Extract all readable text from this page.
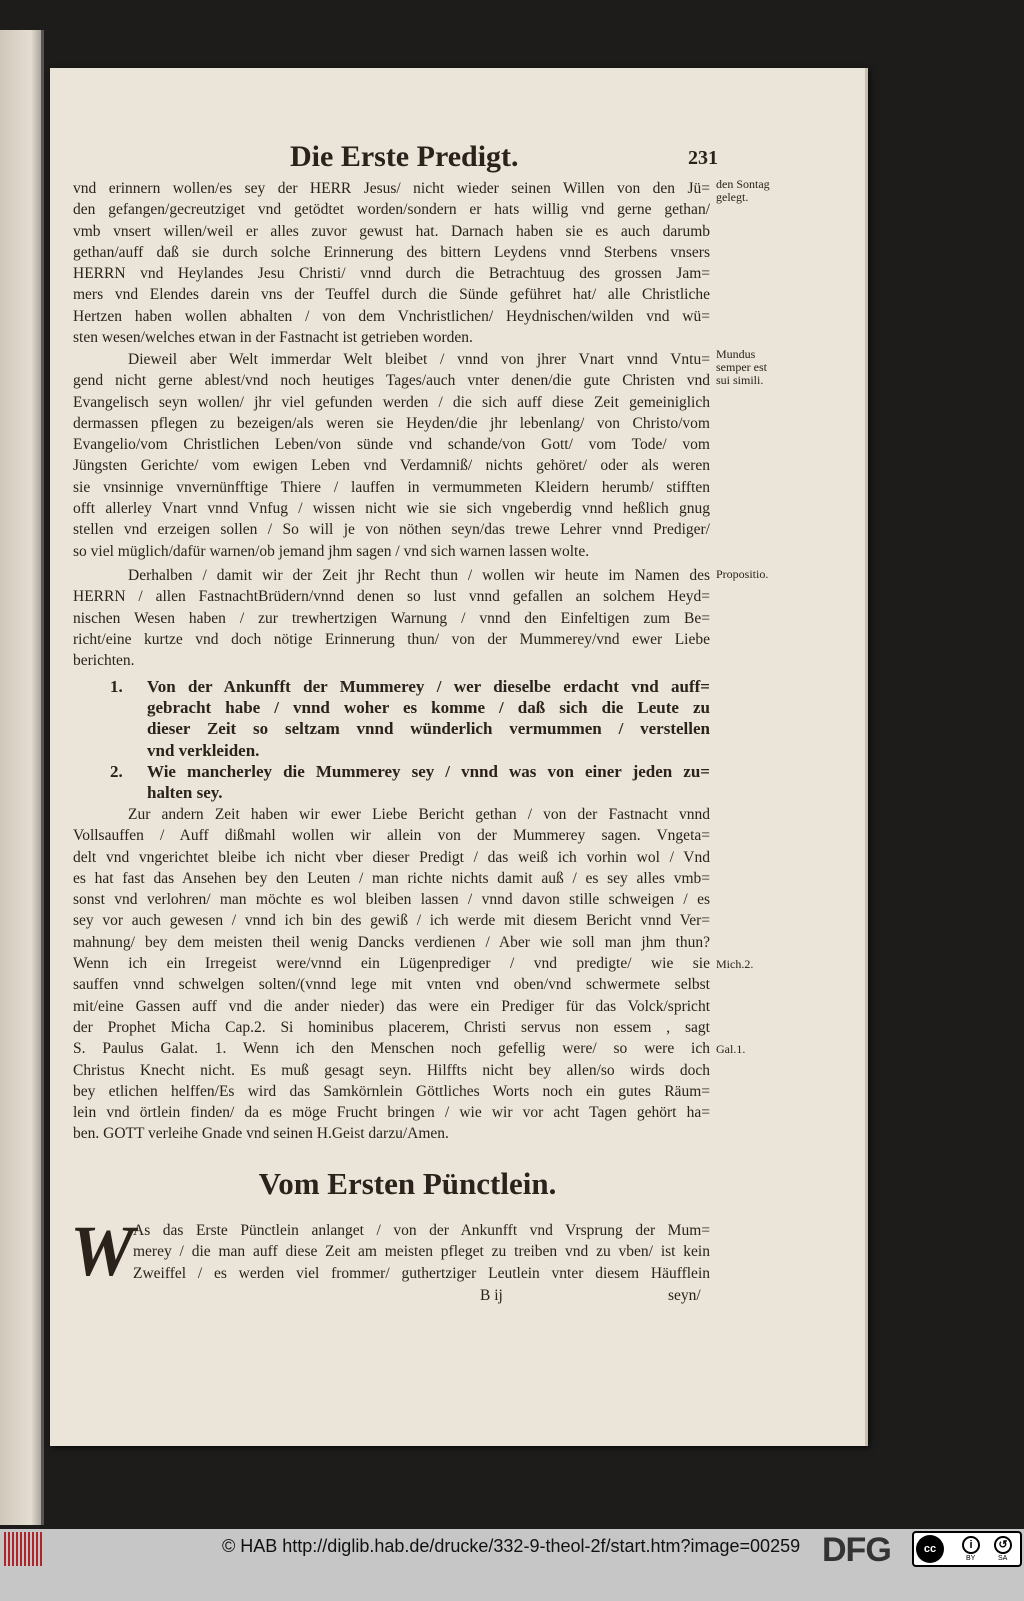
Die Erste Predigt.	231
vnd erinnern wollen/es sey der HERR Jesus/ nicht wieder seinen Willen von den Jü=
den gefangen/gecreutziget vnd getödtet worden/sondern er hats willig vnd gerne gethan/
vmb vnsert willen/weil er alles zuvor gewust hat. Darnach haben sie es auch darumb
gethan/auff daß sie durch solche Erinnerung des bittern Leydens vnnd Sterbens vnsers
HERRN vnd Heylandes Jesu Christi/ vnnd durch die Betrachtuug des grossen Jam=
mers vnd Elendes darein vns der Teuffel durch die Sünde geführet hat/ alle Christliche
Hertzen haben wollen abhalten / von dem Vnchristlichen/ Heydnischen/wilden vnd wü=
sten wesen/welches etwan in der Fastnacht ist getrieben worden.
Dieweil aber Welt immerdar Welt bleibet / vnnd von jhrer Vnart vnnd Vntu=
gend nicht gerne ablest/vnd noch heutiges Tages/auch vnter denen/die gute Christen vnd
Evangelisch seyn wollen/ jhr viel gefunden werden / die sich auff diese Zeit gemeiniglich
dermassen pflegen zu bezeigen/als weren sie Heyden/die jhr lebenlang/ von Christo/vom
Evangelio/vom Christlichen Leben/von sünde vnd schande/von Gott/ vom Tode/ vom
Jüngsten Gerichte/ vom ewigen Leben vnd Verdamniß/ nichts gehöret/ oder als weren
sie vnsinnige vnvernünfftige Thiere / lauffen in vermummeten Kleidern herumb/ stifften
offt allerley Vnart vnnd Vnfug / wissen nicht wie sie sich vngeberdig vnnd heßlich gnug
stellen vnd erzeigen sollen / So will je von nöthen seyn/das trewe Lehrer vnnd Prediger/
so viel müglich/dafür warnen/ob jemand jhm sagen / vnd sich warnen lassen wolte.
Derhalben / damit wir der Zeit jhr Recht thun / wollen wir heute im Namen des
HERRN / allen FastnachtBrüdern/vnnd denen so lust vnnd gefallen an solchem Heyd=
nischen Wesen haben / zur trewhertzigen Warnung / vnnd den Einfeltigen zum Be=
richt/eine kurtze vnd doch nötige Erinnerung thun/ von der Mummerey/vnd ewer Liebe
berichten.
1. Von der Ankunfft der Mummerey / wer dieselbe erdacht vnd auff=
gebracht habe / vnnd woher es komme / daß sich die Leute zu
dieser Zeit so seltzam vnnd wünderlich vermummen / verstellen
vnd verkleiden.
2. Wie mancherley die Mummerey sey / vnnd was von einer jeden zu=
halten sey.
Zur andern Zeit haben wir ewer Liebe Bericht gethan / von der Fastnacht vnnd
Vollsauffen / Auff dißmahl wollen wir allein von der Mummerey sagen. Vngeta=
delt vnd vngerichtet bleibe ich nicht vber dieser Predigt / das weiß ich vorhin wol / Vnd
es hat fast das Ansehen bey den Leuten / man richte nichts damit auß / es sey alles vmb=
sonst vnd verlohren/ man möchte es wol bleiben lassen / vnnd davon stille schweigen / es
sey vor auch gewesen / vnnd ich bin des gewiß / ich werde mit diesem Bericht vnnd Ver=
mahnung/ bey dem meisten theil wenig Dancks verdienen / Aber wie soll man jhm thun?
Wenn ich ein Irregeist were/vnnd ein Lügenprediger / vnd predigte/ wie sie
sauffen vnnd schwelgen solten/(vnnd lege mit vnten vnd oben/vnd schwermete selbst
mit/eine Gassen auff vnd die ander nieder) das were ein Prediger für das Volck/spricht
der Prophet Micha Cap.2. Si hominibus placerem, Christi servus non essem , sagt
S. Paulus Galat. 1. Wenn ich den Menschen noch gefellig were/ so were ich
Christus Knecht nicht. Es muß gesagt seyn. Hilffts nicht bey allen/so wirds doch
bey etlichen helffen/Es wird das Samkörnlein Göttliches Worts noch ein gutes Räum=
lein vnd örtlein finden/ da es möge Frucht bringen / wie wir vor acht Tagen gehört ha=
ben. GOTT verleihe Gnade vnd seinen H.Geist darzu/Amen.
Vom Ersten Pünctlein.
W
As das Erste Pünctlein anlanget / von der Ankunfft vnd Vrsprung der Mum=
merey / die man auff diese Zeit am meisten pfleget zu treiben vnd zu vben/ ist kein
Zweiffel / es werden viel frommer/ guthertziger Leutlein vnter diesem Häufflein
B ij	seyn/
den Sontag gelegt.
Mundus semper est sui simili.
Propositio.
Mich.2.
Gal.1.
© HAB http://diglib.hab.de/drucke/332-9-theol-2f/start.htm?image=00259 DFG	cc	i	↺
BY	SA
